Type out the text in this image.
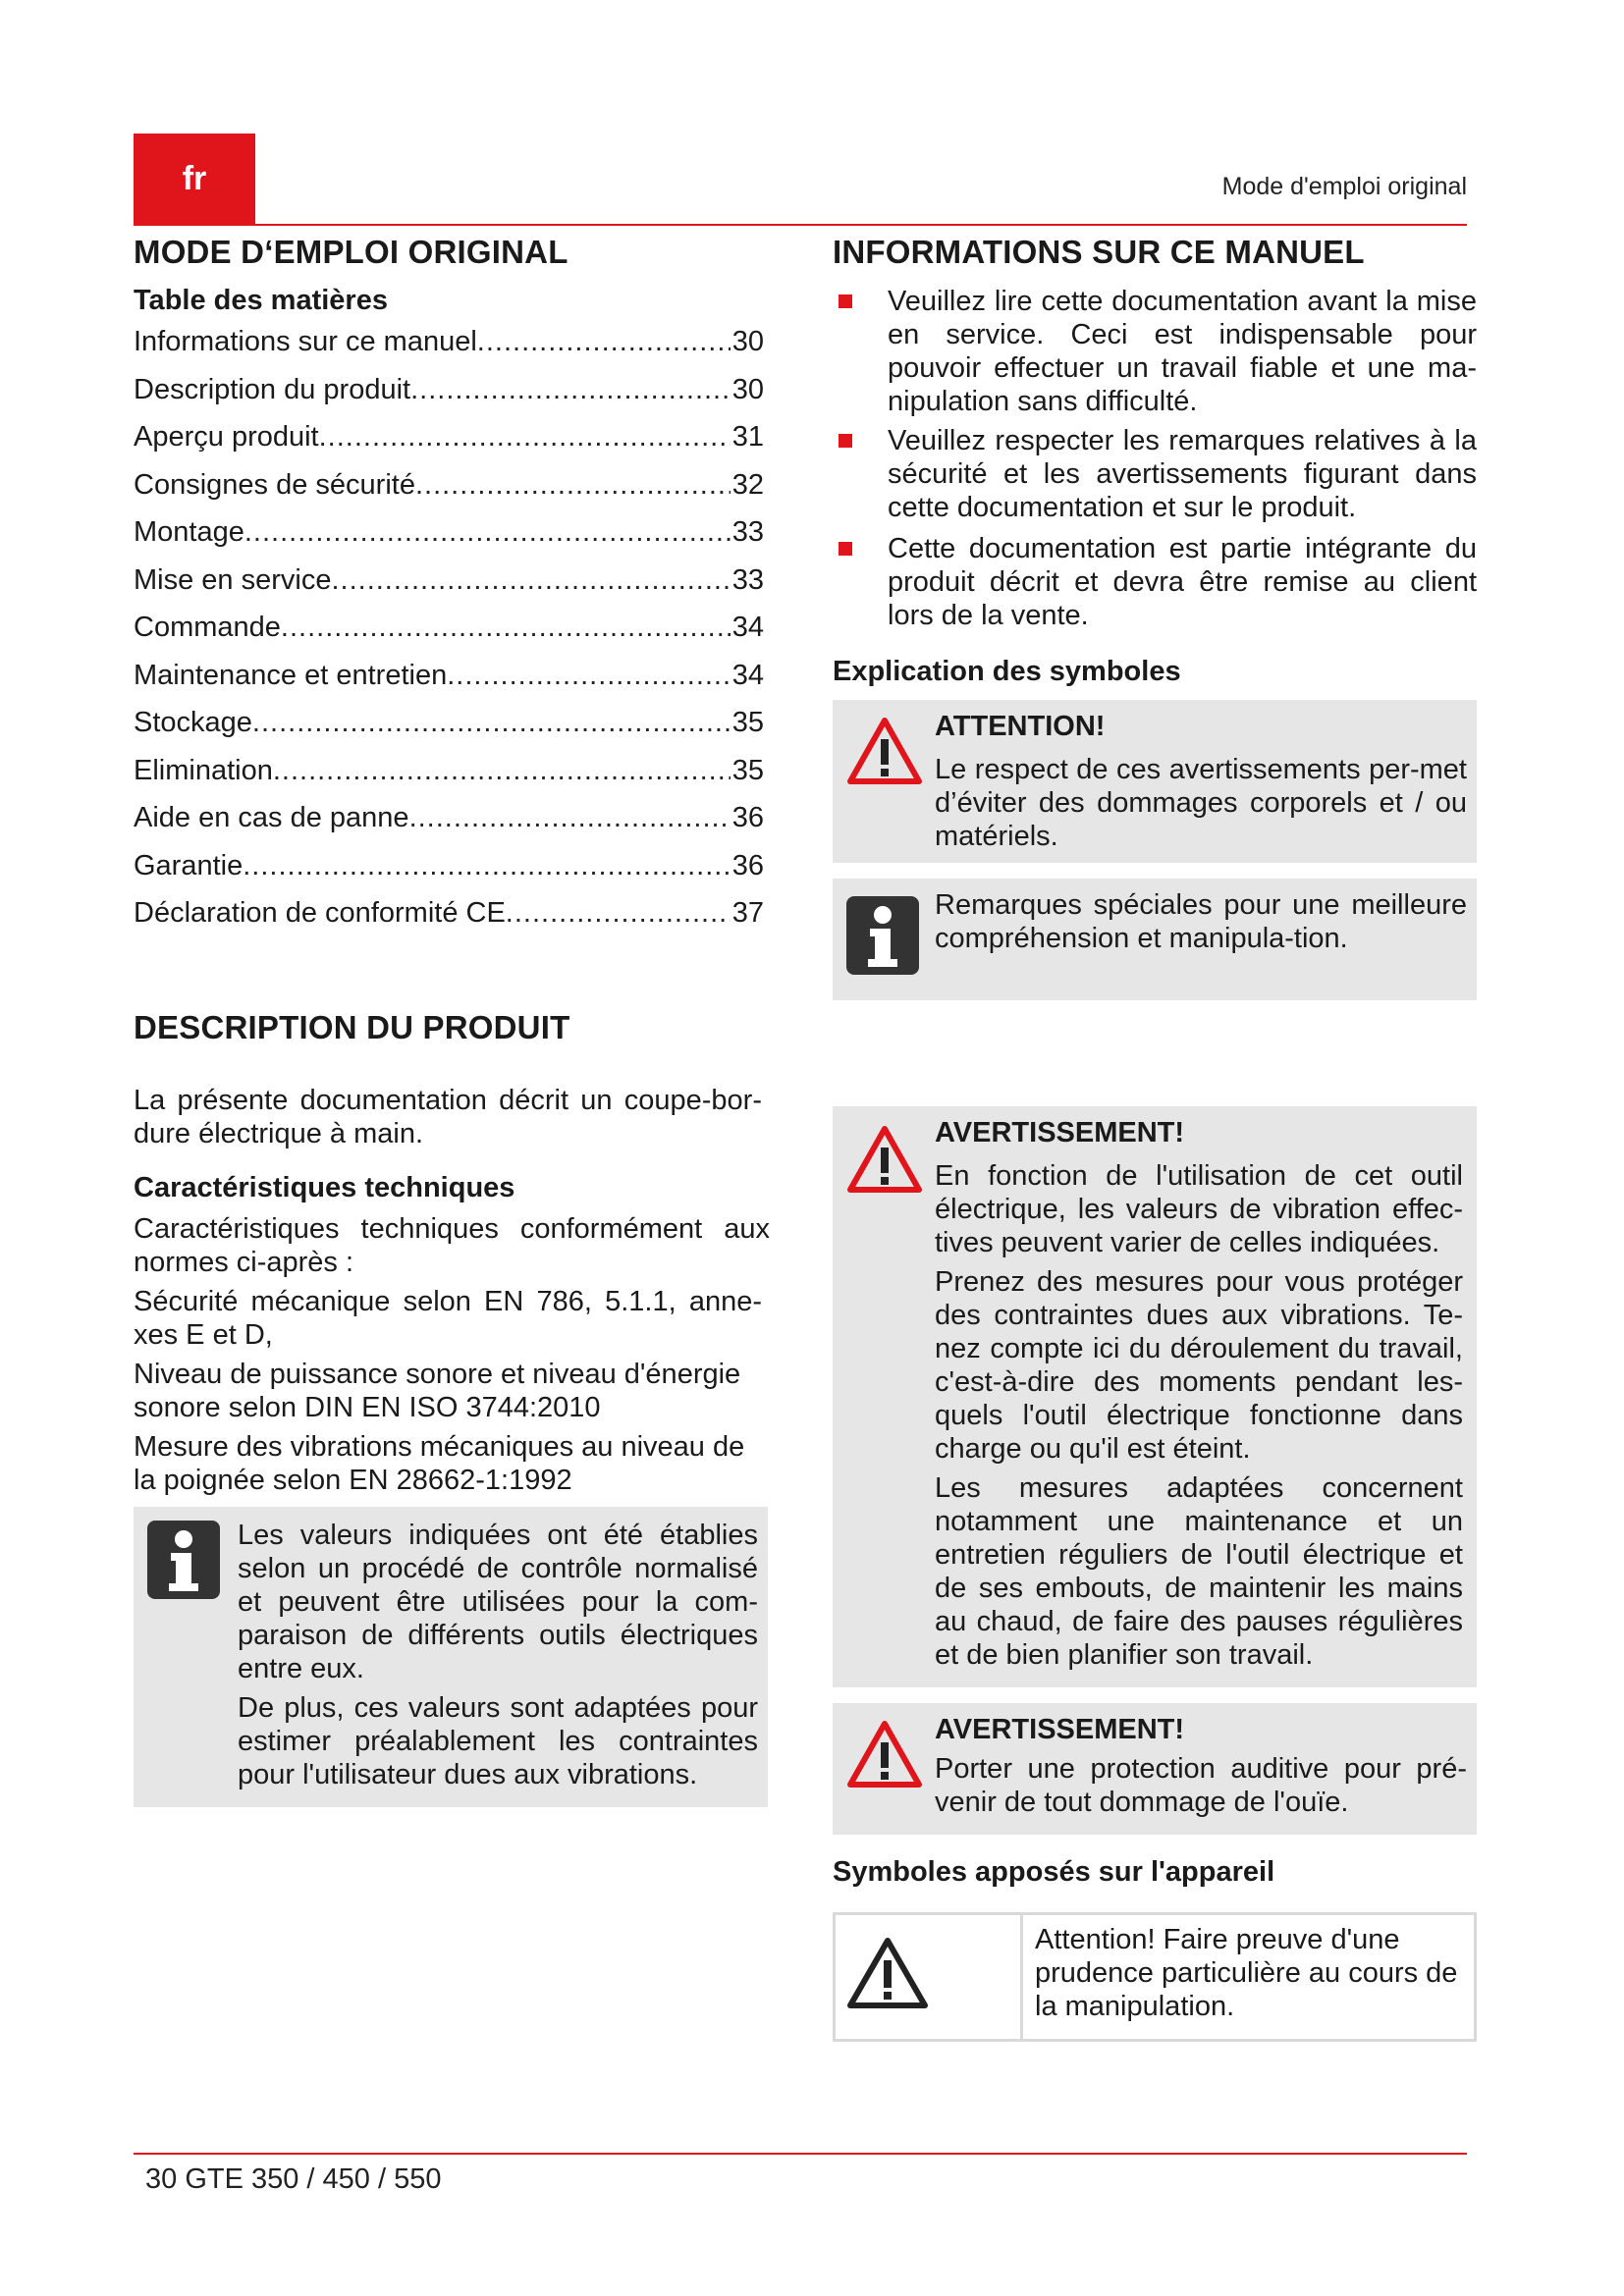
fr	Mode d'emploi original
MODE D‘EMPLOI ORIGINAL
Table des matières
Informations sur ce manuel .....	30
Description du produit .....	30
Aperçu produit .....	31
Consignes de sécurité .....	32
Montage .....	33
Mise en service .....	33
Commande .....	34
Maintenance et entretien .....	34
Stockage .....	35
Elimination .....	35
Aide en cas de panne .....	36
Garantie .....	36
Déclaration de conformité CE .....	37
DESCRIPTION DU PRODUIT

La présente documentation décrit un coupe-bor-dure électrique à main.

Caractéristiques techniques

Caractéristiques techniques conformément aux normes ci-après :

Sécurité mécanique selon EN 786, 5.1.1, anne-xes E et D,

Niveau de puissance sonore et niveau d'énergie sonore selon DIN EN ISO 3744:2010

Mesure des vibrations mécaniques au niveau de la poignée selon EN 28662-1:1992

Les valeurs indiquées ont été établies selon un procédé de contrôle normalisé et peuvent être utilisées pour la com-paraison de différents outils électriques entre eux.
De plus, ces valeurs sont adaptées pour estimer préalablement les contraintes pour l'utilisateur dues aux vibrations.
INFORMATIONS SUR CE MANUEL
Veuillez lire cette documentation avant la mise en service. Ceci est indispensable pour pouvoir effectuer un travail fiable et une ma-nipulation sans difficulté.
Veuillez respecter les remarques relatives à la sécurité et les avertissements figurant dans cette documentation et sur le produit.
Cette documentation est partie intégrante du produit décrit et devra être remise au client lors de la vente.
Explication des symboles
ATTENTION!
Le respect de ces avertissements per-met d’éviter des dommages corporels et / ou matériels.
Remarques spéciales pour une meilleure compréhension et manipula-tion.
AVERTISSEMENT!
En fonction de l'utilisation de cet outil électrique, les valeurs de vibration effec-tives peuvent varier de celles indiquées.
Prenez des mesures pour vous protéger des contraintes dues aux vibrations. Te-nez compte ici du déroulement du travail, c'est-à-dire des moments pendant les-quels l'outil électrique fonctionne dans charge ou qu'il est éteint.
Les mesures adaptées concernent notamment une maintenance et un entretien réguliers de l'outil électrique et de ses embouts, de maintenir les mains au chaud, de faire des pauses régulières et de bien planifier son travail.
AVERTISSEMENT!
Porter une protection auditive pour pré-venir de tout dommage de l'ouïe.
Symboles apposés sur l'appareil
Attention! Faire preuve d'une prudence particulière au cours de la manipulation.
30 GTE 350 / 450 / 550
